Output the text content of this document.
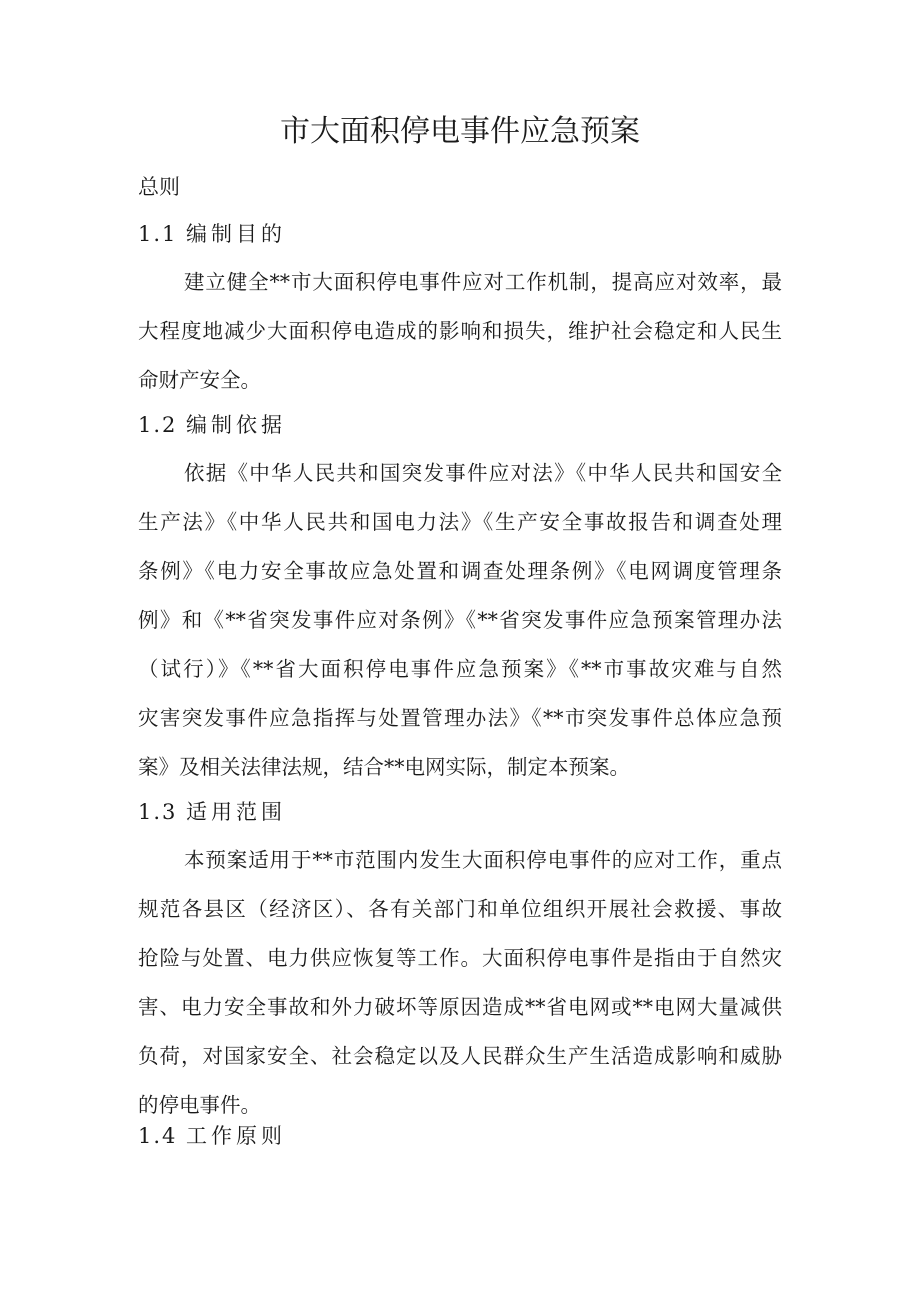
市大面积停电事件应急预案
总则
1.1 编制目的
建立健全**市大面积停电事件应对工作机制，提高应对效率，最
大程度地减少大面积停电造成的影响和损失，维护社会稳定和人民生
命财产安全。
1.2 编制依据
依据《中华人民共和国突发事件应对法》《中华人民共和国安全
生产法》《中华人民共和国电力法》《生产安全事故报告和调查处理
条例》《电力安全事故应急处置和调查处理条例》《电网调度管理条
例》和《**省突发事件应对条例》《**省突发事件应急预案管理办法
（试行）》《**省大面积停电事件应急预案》《**市事故灾难与自然
灾害突发事件应急指挥与处置管理办法》《**市突发事件总体应急预
案》及相关法律法规，结合**电网实际，制定本预案。
1.3 适用范围
本预案适用于**市范围内发生大面积停电事件的应对工作，重点
规范各县区（经济区）、各有关部门和单位组织开展社会救援、事故
抢险与处置、电力供应恢复等工作。大面积停电事件是指由于自然灾
害、电力安全事故和外力破坏等原因造成**省电网或**电网大量减供
负荷，对国家安全、社会稳定以及人民群众生产生活造成影响和威胁
的停电事件。
1.4 工作原则
